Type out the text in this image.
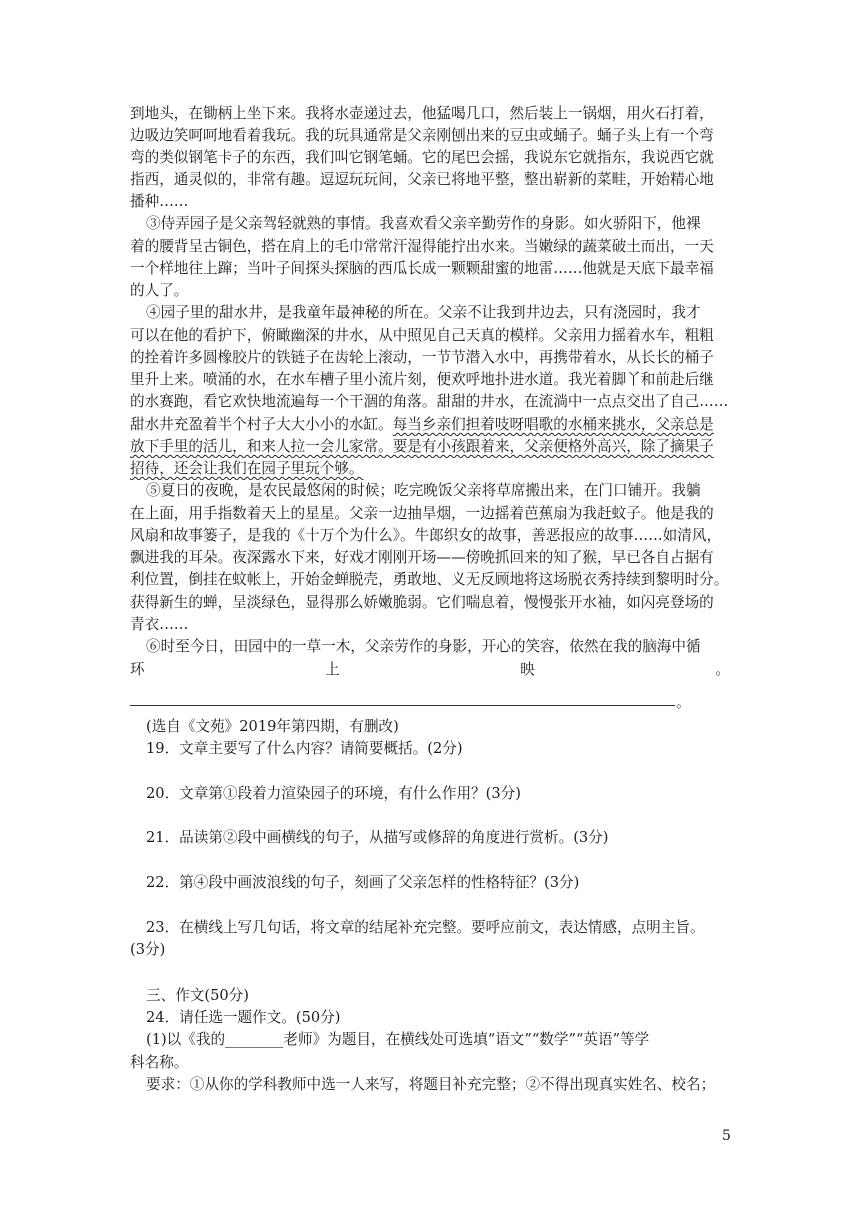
到地头，在锄柄上坐下来。我将水壶递过去，他猛喝几口，然后装上一锅烟，用火石打着，
边吸边笑呵呵地看着我玩。我的玩具通常是父亲刚刨出来的豆虫或蛹子。蛹子头上有一个弯
弯的类似钢笔卡子的东西，我们叫它钢笔蛹。它的尾巴会摇，我说东它就指东，我说西它就
指西，通灵似的，非常有趣。逗逗玩玩间，父亲已将地平整，整出崭新的菜畦，开始精心地
播种……
③侍弄园子是父亲驾轻就熟的事情。我喜欢看父亲辛勤劳作的身影。如火骄阳下，他裸
着的腰背呈古铜色，搭在肩上的毛巾常常汗湿得能拧出水来。当嫩绿的蔬菜破土而出，一天
一个样地往上蹿；当叶子间探头探脑的西瓜长成一颗颗甜蜜的地雷……他就是天底下最幸福
的人了。
④园子里的甜水井，是我童年最神秘的所在。父亲不让我到井边去，只有浇园时，我才
可以在他的看护下，俯瞰幽深的井水，从中照见自己天真的模样。父亲用力摇着水车，粗粗
的拴着许多圆橡胶片的铁链子在齿轮上滚动，一节节潜入水中，再携带着水，从长长的桶子
里升上来。喷涌的水，在水车槽子里小流片刻，便欢呼地扑进水道。我光着脚丫和前赴后继
的水赛跑，看它欢快地流遍每一个干涸的角落。甜甜的井水，在流淌中一点点交出了自己……
甜水井充盈着半个村子大大小小的水缸。每当乡亲们担着吱呀唱歌的水桶来挑水，父亲总是
放下手里的活儿，和来人拉一会儿家常。要是有小孩跟着来，父亲便格外高兴，除了摘果子
招待，还会让我们在园子里玩个够。
⑤夏日的夜晚，是农民最悠闲的时候；吃完晚饭父亲将草席搬出来，在门口铺开。我躺
在上面，用手指数着天上的星星。父亲一边抽旱烟，一边摇着芭蕉扇为我赶蚊子。他是我的
风扇和故事篓子，是我的《十万个为什么》。牛郎织女的故事，善恶报应的故事……如清风，
飘进我的耳朵。夜深露水下来，好戏才刚刚开场——傍晚抓回来的知了猴，早已各自占据有
利位置，倒挂在蚊帐上，开始金蝉脱壳，勇敢地、义无反顾地将这场脱衣秀持续到黎明时分。
获得新生的蝉，呈淡绿色，显得那么娇嫩脆弱。它们喘息着，慢慢张开水袖，如闪亮登场的
青衣……
⑥时至今日，田园中的一草一木，父亲劳作的身影，开心的笑容，依然在我的脑海中循
环	上	映	。
。
(选自《文苑》2019年第四期，有删改)
19．文章主要写了什么内容？请简要概括。(2分)
20．文章第①段着力渲染园子的环境，有什么作用？(3分)
21．品读第②段中画横线的句子，从描写或修辞的角度进行赏析。(3分)
22．第④段中画波浪线的句子，刻画了父亲怎样的性格特征？(3分)
23．在横线上写几句话，将文章的结尾补充完整。要呼应前文，表达情感，点明主旨。
(3分)
三、作文(50分)
24．请任选一题作文。(50分)
(1)以《我的________老师》为题目，在横线处可选填“语文”“数学”“英语”等学
科名称。
要求：①从你的学科教师中选一人来写，将题目补充完整；②不得出现真实姓名、校名；
5
